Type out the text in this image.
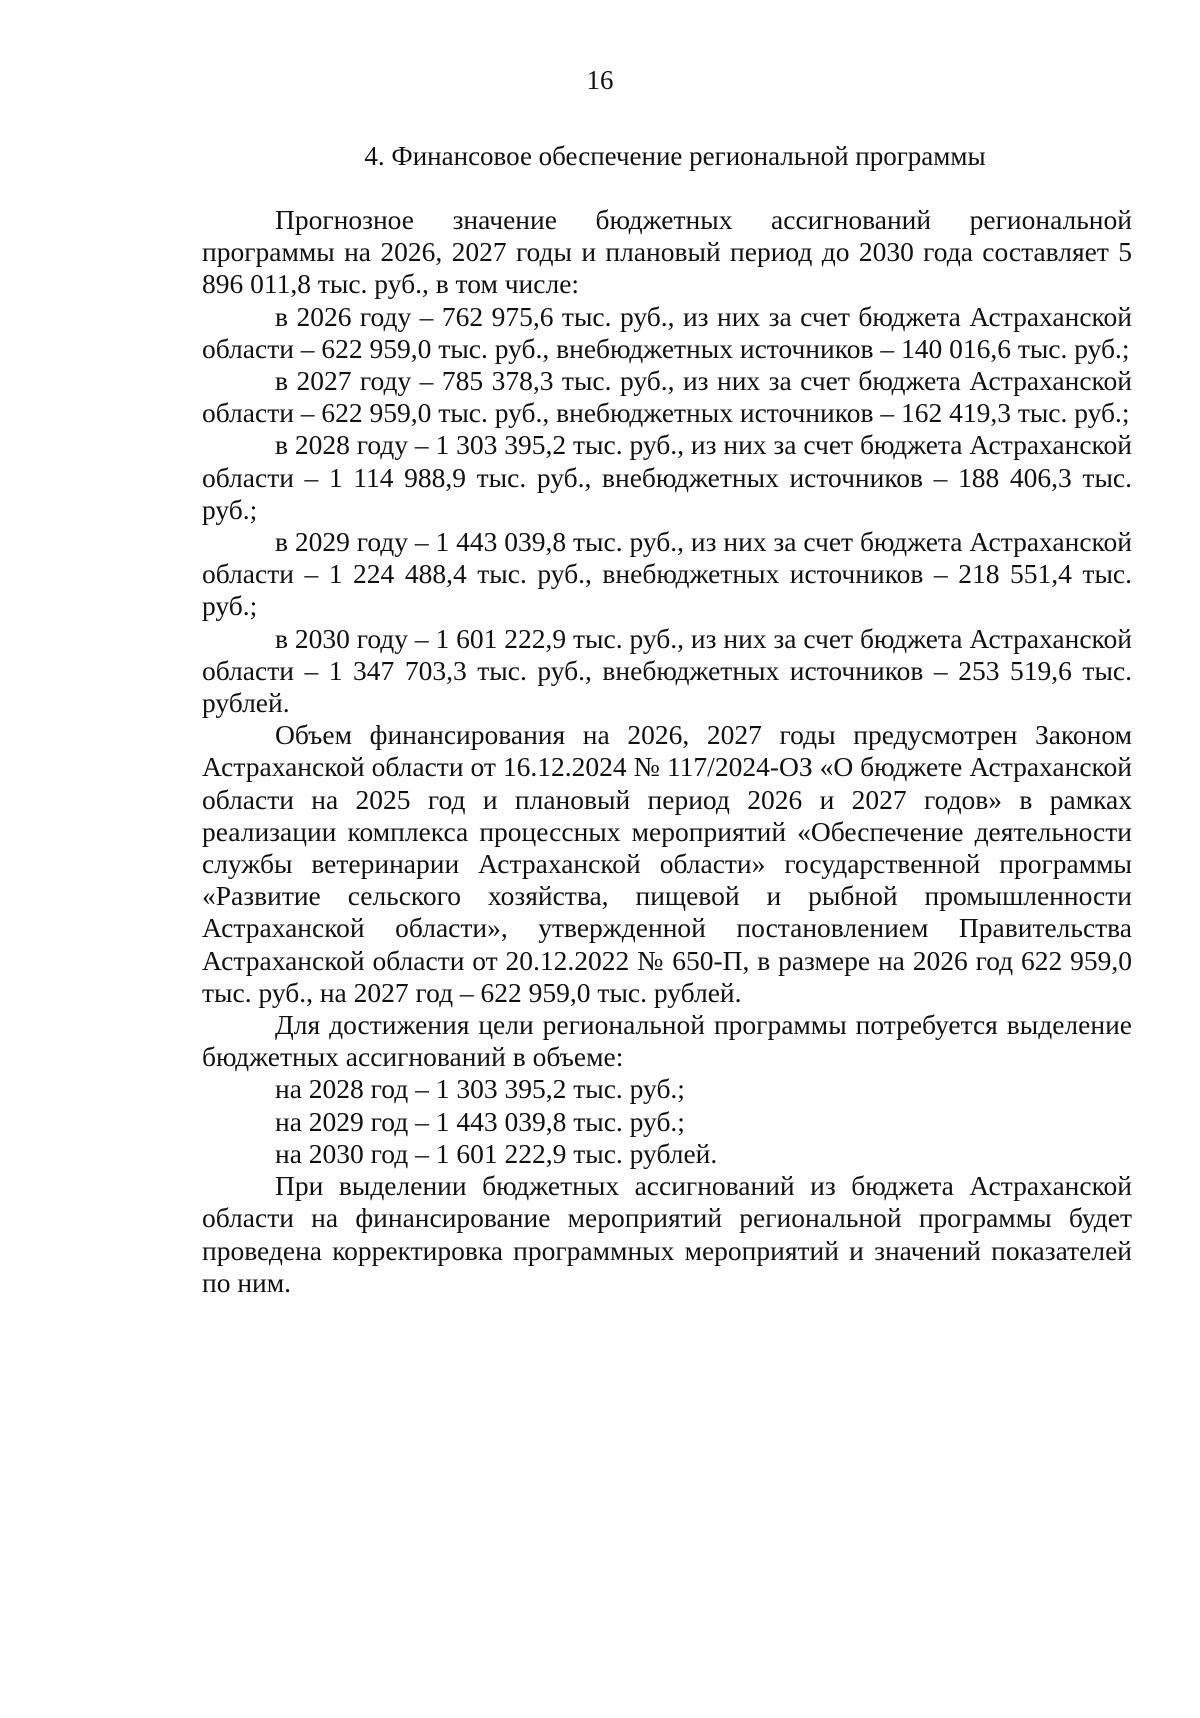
16
4. Финансовое обеспечение региональной программы

Прогнозное значение бюджетных ассигнований региональной программы на 2026, 2027 годы и плановый период до 2030 года составляет 5 896 011,8 тыс. руб., в том числе:

в 2026 году – 762 975,6 тыс. руб., из них за счет бюджета Астраханской области – 622 959,0 тыс. руб., внебюджетных источников – 140 016,6 тыс. руб.;

в 2027 году – 785 378,3 тыс. руб., из них за счет бюджета Астраханской области – 622 959,0 тыс. руб., внебюджетных источников – 162 419,3 тыс. руб.;

в 2028 году – 1 303 395,2 тыс. руб., из них за счет бюджета Астраханской области – 1 114 988,9 тыс. руб., внебюджетных источников – 188 406,3 тыс. руб.;

в 2029 году – 1 443 039,8 тыс. руб., из них за счет бюджета Астраханской области – 1 224 488,4 тыс. руб., внебюджетных источников – 218 551,4 тыс. руб.;

в 2030 году – 1 601 222,9 тыс. руб., из них за счет бюджета Астраханской области – 1 347 703,3 тыс. руб., внебюджетных источников – 253 519,6 тыс. рублей.

Объем финансирования на 2026, 2027 годы предусмотрен Законом Астраханской области от 16.12.2024 № 117/2024-ОЗ «О бюджете Астраханской области на 2025 год и плановый период 2026 и 2027 годов» в рамках реализации комплекса процессных мероприятий «Обеспечение деятельности службы ветеринарии Астраханской области» государственной программы «Развитие сельского хозяйства, пищевой и рыбной промышленности Астраханской области», утвержденной постановлением Правительства Астраханской области от 20.12.2022 № 650-П, в размере на 2026 год 622 959,0 тыс. руб., на 2027 год – 622 959,0 тыс. рублей.

Для достижения цели региональной программы потребуется выделение бюджетных ассигнований в объеме:

на 2028 год – 1 303 395,2 тыс. руб.;

на 2029 год – 1 443 039,8 тыс. руб.;

на 2030 год – 1 601 222,9 тыс. рублей.

При выделении бюджетных ассигнований из бюджета Астраханской области на финансирование мероприятий региональной программы будет проведена корректировка программных мероприятий и значений показателей по ним.
